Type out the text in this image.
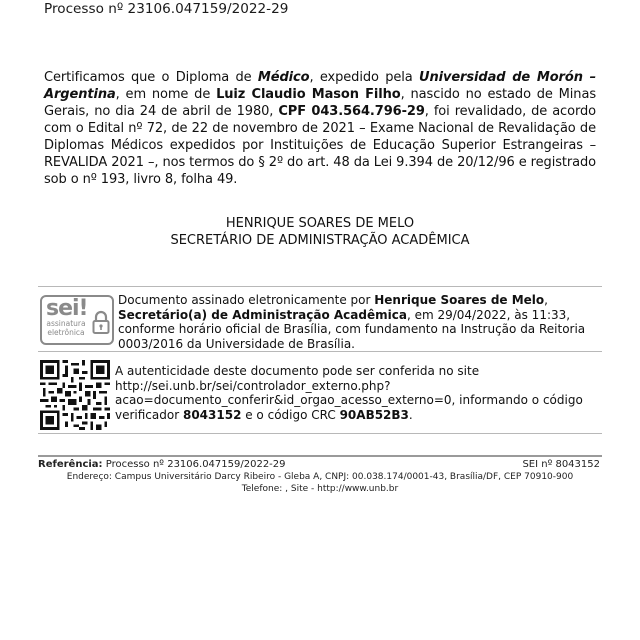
Processo nº 23106.047159/2022-29
Certificamos que o Diploma de Médico, expedido pela Universidad de Morón – Argentina, em nome de Luiz Claudio Mason Filho, nascido no estado de Minas Gerais, no dia 24 de abril de 1980, CPF 043.564.796-29, foi revalidado, de acordo com o Edital nº 72, de 22 de novembro de 2021 – Exame Nacional de Revalidação de Diplomas Médicos expedidos por Instituições de Educação Superior Estrangeiras – REVALIDA 2021 –, nos termos do § 2º do art. 48 da Lei 9.394 de 20/12/96 e registrado sob o nº 193, livro 8, folha 49.
HENRIQUE SOARES DE MELO
SECRETÁRIO DE ADMINISTRAÇÃO ACADÊMICA
sei!
assinatura
eletrônica
Documento assinado eletronicamente por Henrique Soares de Melo, Secretário(a) de Administração Acadêmica, em 29/04/2022, às 11:33, conforme horário oficial de Brasília, com fundamento na Instrução da Reitoria 0003/2016 da Universidade de Brasília.
A autenticidade deste documento pode ser conferida no site http://sei.unb.br/sei/controlador_externo.php?acao=documento_conferir&id_orgao_acesso_externo=0, informando o código verificador 8043152 e o código CRC 90AB52B3.
Referência: Processo nº 23106.047159/2022-29	SEI nº 8043152
Endereço: Campus Universitário Darcy Ribeiro - Gleba A, CNPJ: 00.038.174/0001-43, Brasília/DF, CEP 70910-900
Telefone: , Site - http://www.unb.br
